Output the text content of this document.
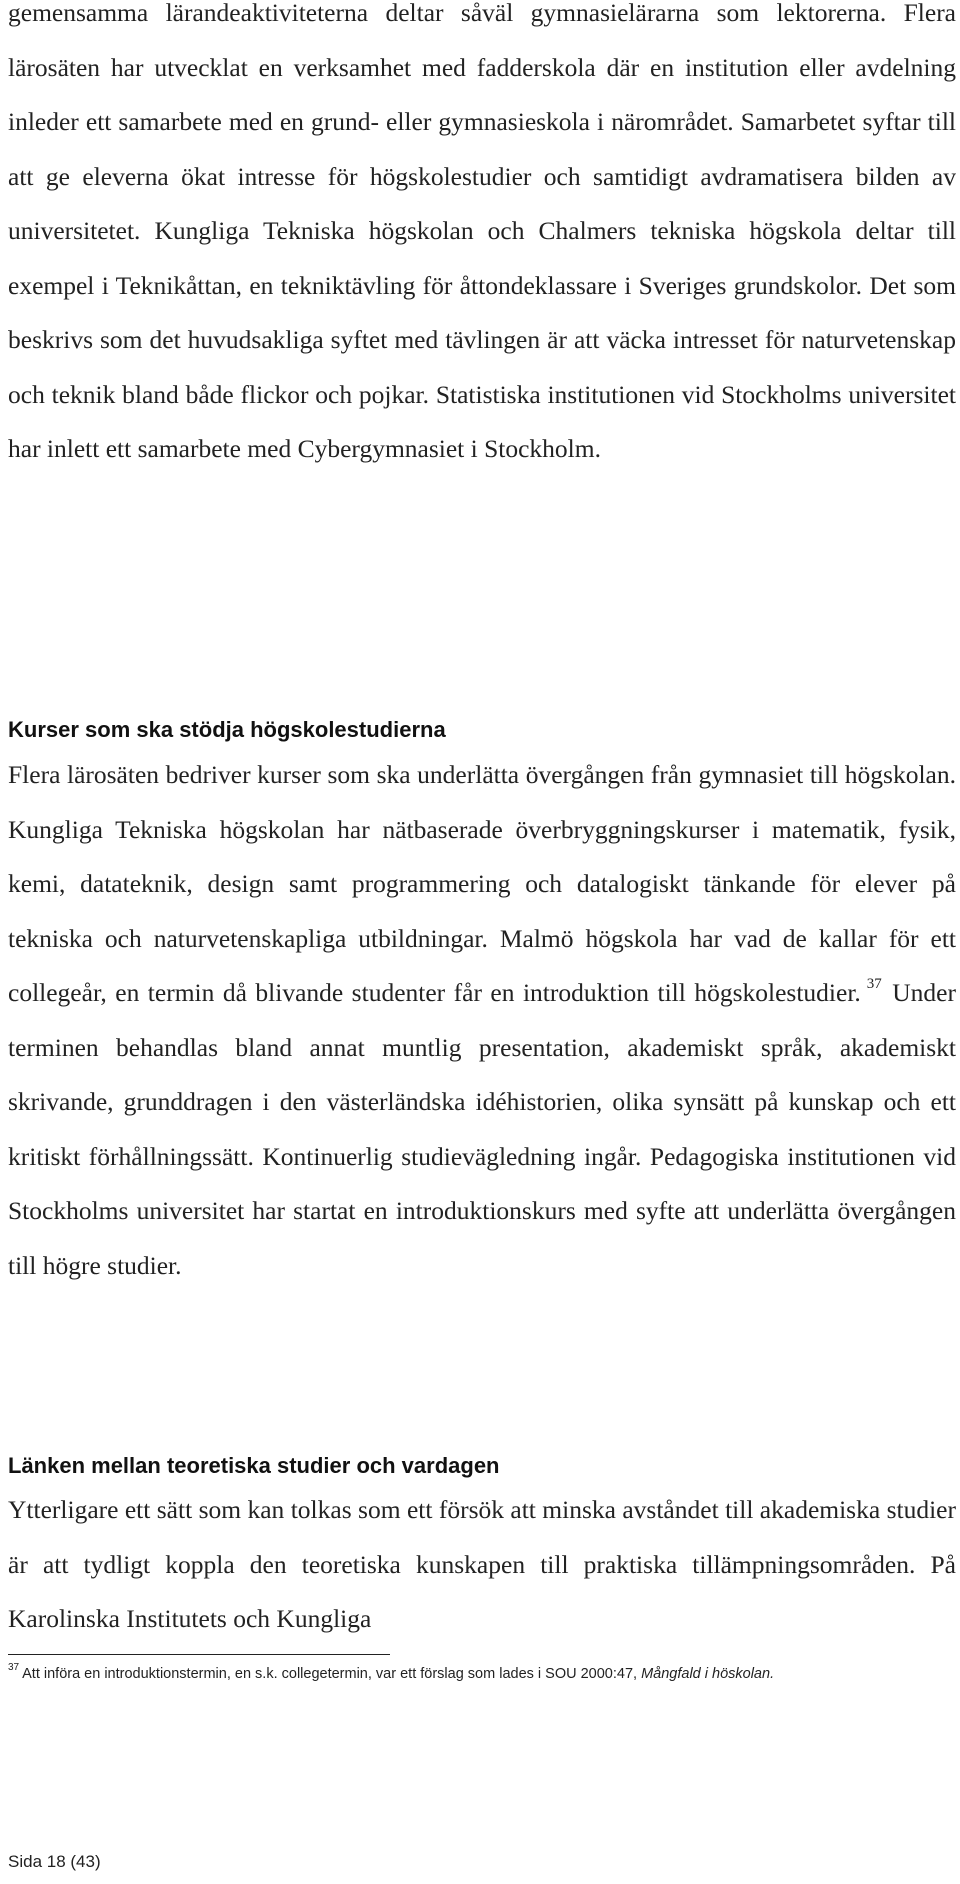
gemensamma lärandeaktiviteterna deltar såväl gymnasielärarna som lektorerna. Flera lärosäten har utvecklat en verksamhet med fadderskola där en institution eller avdelning inleder ett samarbete med en grund- eller gymnasieskola i närområdet. Samarbetet syftar till att ge eleverna ökat intresse för högskolestudier och samtidigt avdramatisera bilden av universitetet. Kungliga Tekniska högskolan och Chalmers tekniska högskola deltar till exempel i Teknikåttan, en tekniktävling för åttondeklassare i Sveriges grundskolor. Det som beskrivs som det huvudsakliga syftet med tävlingen är att väcka intresset för naturvetenskap och teknik bland både flickor och pojkar. Statistiska institutionen vid Stockholms universitet har inlett ett samarbete med Cybergymnasiet i Stockholm.

Kurser som ska stödja högskolestudierna

Flera lärosäten bedriver kurser som ska underlätta övergången från gymnasiet till högskolan. Kungliga Tekniska högskolan har nätbaserade överbryggningskurser i matematik, fysik, kemi, datateknik, design samt programmering och datalogiskt tänkande för elever på tekniska och naturvetenskapliga utbildningar. Malmö högskola har vad de kallar för ett collegeår, en termin då blivande studenter får en introduktion till högskolestudier. $^{37}$ Under terminen behandlas bland annat muntlig presentation, akademiskt språk, akademiskt skrivande, grunddragen i den västerländska idéhistorien, olika synsätt på kunskap och ett kritiskt förhållningssätt. Kontinuerlig studievägledning ingår. Pedagogiska institutionen vid Stockholms universitet har startat en introduktionskurs med syfte att underlätta övergången till högre studier.

Länken mellan teoretiska studier och vardagen

Ytterligare ett sätt som kan tolkas som ett försök att minska avståndet till akademiska studier är att tydligt koppla den teoretiska kunskapen till praktiska tillämpningsområden. På Karolinska Institutets och Kungliga

$^{37}$ Att införa en introduktionstermin, en s.k. collegetermin, var ett förslag som lades i SOU 2000:47, Mångfald i höskolan.

Sida 18 (43)
